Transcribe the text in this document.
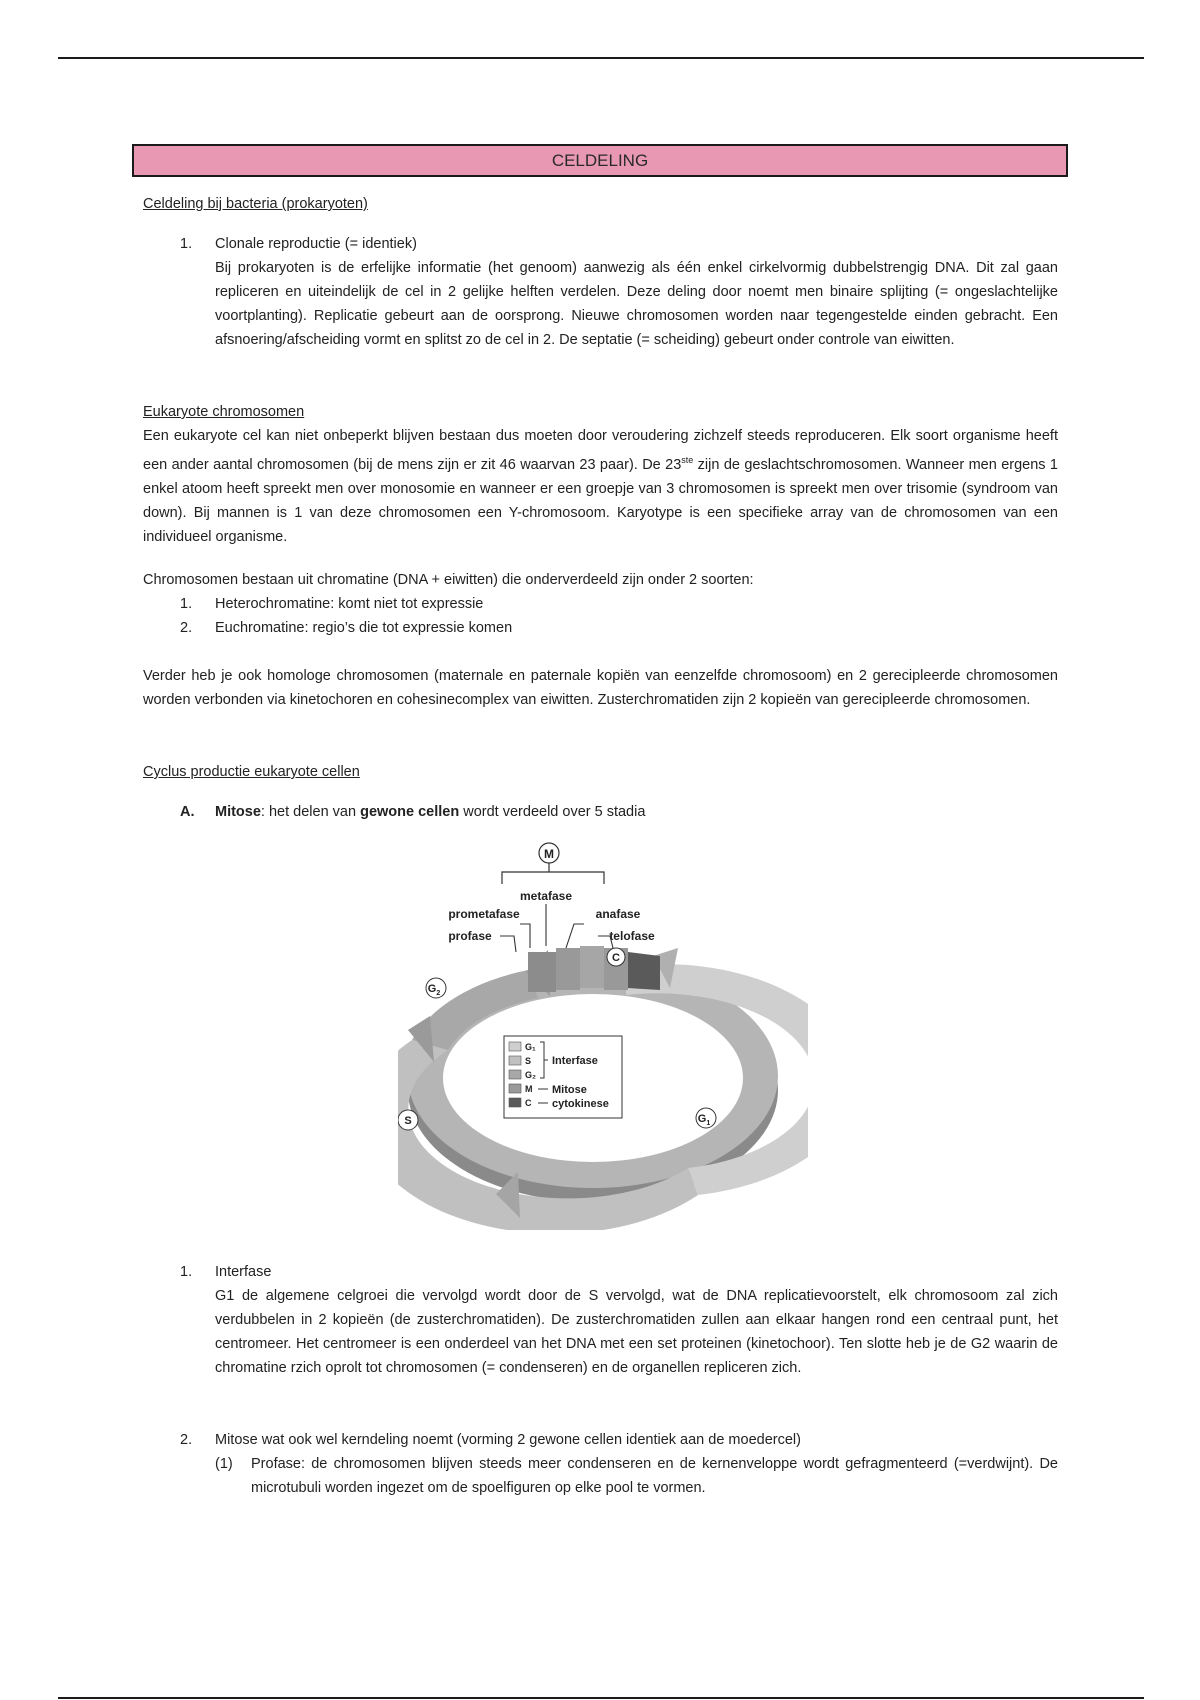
CELDELING
Celdeling bij bacteria (prokaryoten)
1. Clonale reproductie (= identiek)

Bij prokaryoten is de erfelijke informatie (het genoom) aanwezig als één enkel cirkelvormig dubbelstrengig DNA. Dit zal gaan repliceren en uiteindelijk de cel in 2 gelijke helften verdelen. Deze deling door noemt men binaire splijting (= ongeslachtelijke voortplanting). Replicatie gebeurt aan de oorsprong. Nieuwe chromosomen worden naar tegengestelde einden gebracht. Een afsnoering/afscheiding vormt en splitst zo de cel in 2. De septatie (= scheiding) gebeurt onder controle van eiwitten.

Eukaryote chromosomen

Een eukaryote cel kan niet onbeperkt blijven bestaan dus moeten door veroudering zichzelf steeds reproduceren. Elk soort organisme heeft een ander aantal chromosomen (bij de mens zijn er zit 46 waarvan 23 paar). De 23ste zijn de geslachtschromosomen. Wanneer men ergens 1 enkel atoom heeft spreekt men over monosomie en wanneer er een groepje van 3 chromosomen is spreekt men over trisomie (syndroom van down). Bij mannen is 1 van deze chromosomen een Y-chromosoom. Karyotype is een specifieke array van de chromosomen van een individueel organisme.

Chromosomen bestaan uit chromatine (DNA + eiwitten) die onderverdeeld zijn onder 2 soorten:

1. Heterochromatine: komt niet tot expressie
2. Euchromatine: regio’s die tot expressie komen

Verder heb je ook homologe chromosomen (maternale en paternale kopiën van eenzelfde chromosoom) en 2 gerecipleerde chromosomen worden verbonden via kinetochoren en cohesinecomplex van eiwitten. Zusterchromatiden zijn 2 kopieën van gerecipleerde chromosomen.

Cyclus productie eukaryote cellen
A. Mitose: het delen van gewone cellen wordt verdeeld over 5 stadia
1. Interfase

G1 de algemene celgroei die vervolgd wordt door de S vervolgd, wat de DNA replicatievoorstelt, elk chromosoom zal zich verdubbelen in 2 kopieën (de zusterchromatiden). De zusterchromatiden zullen aan elkaar hangen rond een centraal punt, het centromeer. Het centromeer is een onderdeel van het DNA met een set proteinen (kinetochoor). Ten slotte heb je de G2 waarin de chromatine rzich oprolt tot chromosomen (= condenseren) en de organellen repliceren zich.

2. Mitose wat ook wel kerndeling noemt (vorming 2 gewone cellen identiek aan de moedercel)
(1) Profase: de chromosomen blijven steeds meer condenseren en de kernenveloppe wordt gefragmenteerd (=verdwijnt). De microtubuli worden ingezet om de spoelfiguren op elke pool te vormen.

M
metafase
prometafase	anafase
profase	telofase
C
$G_2$
S	$G_1$
G₁
S
G₂
M
C
Interfase
Mitose
cytokinese
